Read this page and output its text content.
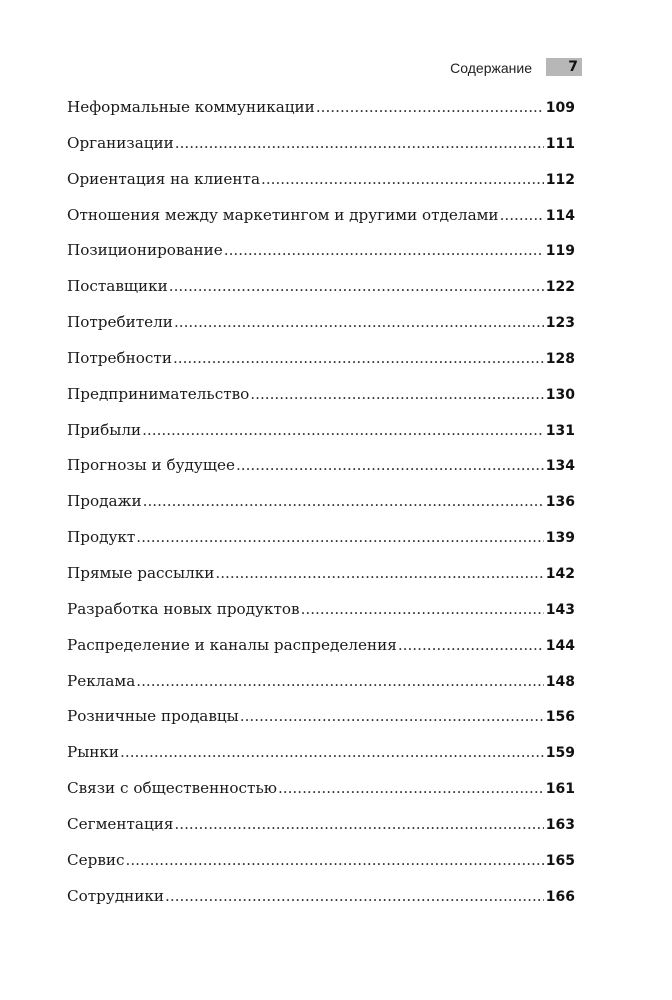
Содержание	7
Неформальные коммуникации .....	109
Организации .....	111
Ориентация на клиента .....	112
Отношения между маркетингом и другими отделами .....	114
Позиционирование .....	119
Поставщики .....	122
Потребители .....	123
Потребности .....	128
Предпринимательство .....	130
Прибыли .....	131
Прогнозы и будущее .....	134
Продажи .....	136
Продукт .....	139
Прямые рассылки .....	142
Разработка новых продуктов .....	143
Распределение и каналы распределения .....	144
Реклама .....	148
Розничные продавцы .....	156
Рынки .....	159
Связи с общественностью .....	161
Сегментация .....	163
Сервис .....	165
Сотрудники .....	166
